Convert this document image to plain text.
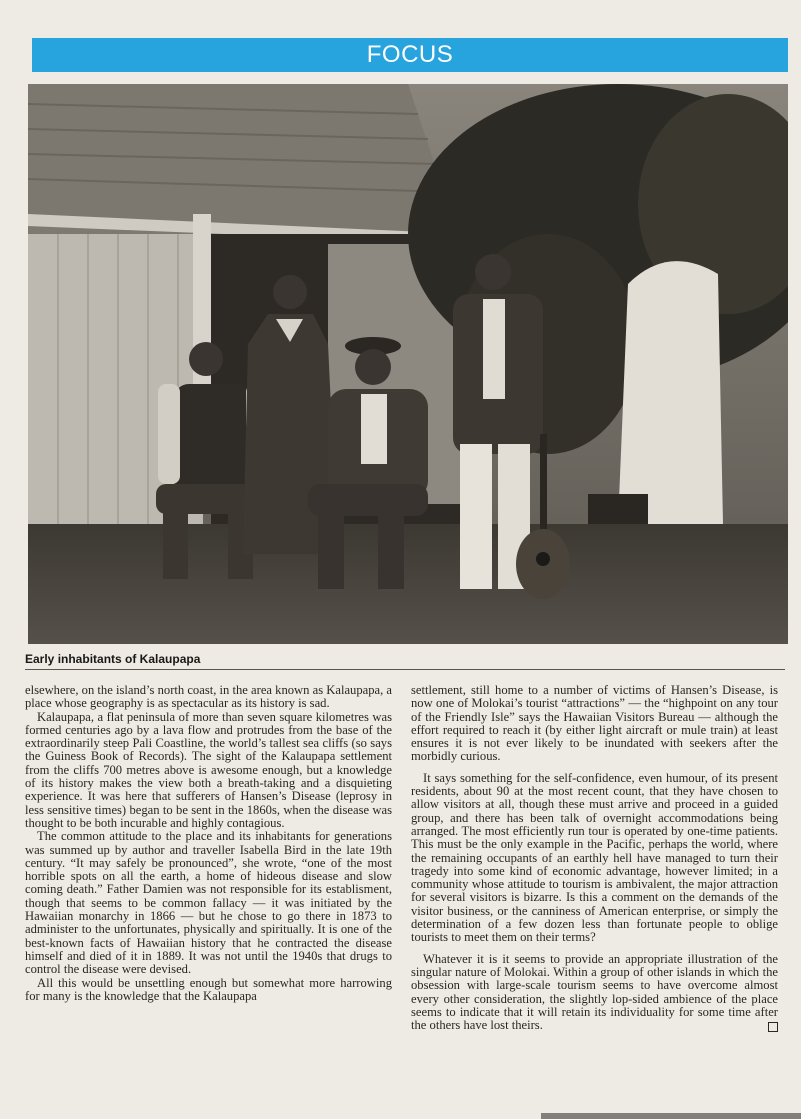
FOCUS
Early inhabitants of Kalaupapa

elsewhere, on the island’s north coast, in the area known as Kalaupapa, a place whose geography is as spectacular as its history is sad.

Kalaupapa, a flat peninsula of more than seven square kilometres was formed centuries ago by a lava flow and protrudes from the base of the extraordinarily steep Pali Coastline, the world’s tallest sea cliffs (so says the Guiness Book of Records). The sight of the Kalaupapa settlement from the cliffs 700 metres above is awesome enough, but a knowledge of its history makes the view both a breath-taking and a disquieting experience. It was here that sufferers of Hansen’s Disease (leprosy in less sensitive times) began to be sent in the 1860s, when the disease was thought to be both incurable and highly contagious.

The common attitude to the place and its inhabitants for generations was summed up by author and traveller Isabella Bird in the late 19th century. “It may safely be pronounced”, she wrote, “one of the most horrible spots on all the earth, a home of hideous disease and slow coming death.” Father Damien was not responsible for its establisment, though that seems to be common fallacy — it was initiated by the Hawaiian monarchy in 1866 — but he chose to go there in 1873 to administer to the unfortunates, physically and spiritually. It is one of the best-known facts of Hawaiian history that he contracted the disease himself and died of it in 1889. It was not until the 1940s that drugs to control the disease were devised.

All this would be unsettling enough but somewhat more harrowing for many is the knowledge that the Kalaupapa

settlement, still home to a number of victims of Hansen’s Disease, is now one of Molokai’s tourist “attractions” — the “highpoint on any tour of the Friendly Isle” says the Hawaiian Visitors Bureau — although the effort required to reach it (by either light aircraft or mule train) at least ensures it is not ever likely to be inundated with seekers after the morbidly curious.

It says something for the self-confidence, even humour, of its present residents, about 90 at the most recent count, that they have chosen to allow visitors at all, though these must arrive and proceed in a guided group, and there has been talk of overnight accommodations being arranged. The most efficiently run tour is operated by one-time patients. This must be the only example in the Pacific, perhaps the world, where the remaining occupants of an earthly hell have managed to turn their tragedy into some kind of economic advantage, however limited; in a community whose attitude to tourism is ambivalent, the major attraction for several visitors is bizarre. Is this a comment on the demands of the visitor business, or the canniness of American enterprise, or simply the determination of a few dozen less than fortunate people to oblige tourists to meet them on their terms?

Whatever it is it seems to provide an appropriate illustration of the singular nature of Molokai. Within a group of other islands in which the obsession with large-scale tourism seems to have overcome almost every other consideration, the slightly lop-sided ambience of the place seems to indicate that it will retain its individuality for some time after the others have lost theirs.
